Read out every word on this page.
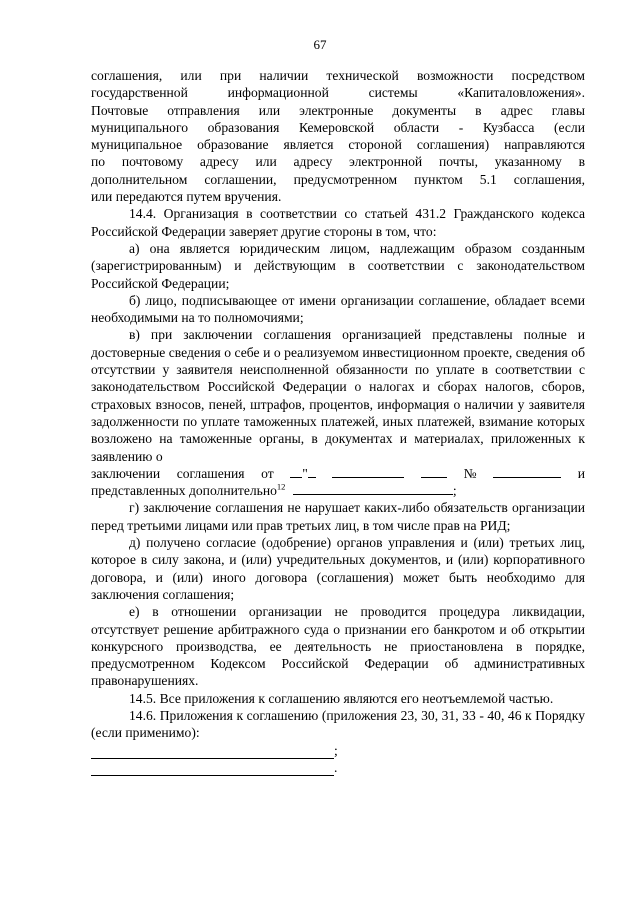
67

соглашения, или при наличии технической возможности посредством

государственной информационной системы «Капиталовложения».

Почтовые отправления или электронные документы в адрес главы

муниципального образования Кемеровской области - Кузбасса (если

муниципальное образование является стороной соглашения) направляются

по почтовому адресу или адресу электронной почты, указанному в

дополнительном соглашении, предусмотренном пунктом 5.1 соглашения,

или передаются путем вручения.

14.4. Организация в соответствии со статьей 431.2 Гражданского кодекса Российской Федерации заверяет другие стороны в том, что:

а) она является юридическим лицом, надлежащим образом созданным (зарегистрированным) и действующим в соответствии с законодательством Российской Федерации;

б) лицо, подписывающее от имени организации соглашение, обладает всеми необходимыми на то полномочиями;

в) при заключении соглашения организацией представлены полные и достоверные сведения о себе и о реализуемом инвестиционном проекте, сведения об отсутствии у заявителя неисполненной обязанности по уплате в соответствии с законодательством Российской Федерации о налогах и сборах налогов, сборов, страховых взносов, пеней, штрафов, процентов, информация о наличии у заявителя задолженности по уплате таможенных платежей, иных платежей, взимание которых возложено на таможенные органы, в документах и материалах, приложенных к заявлению о

заключении соглашения от	"	№	и
представленных дополнительно$^{12}$	;

г) заключение соглашения не нарушает каких-либо обязательств организации перед третьими лицами или прав третьих лиц, в том числе прав на РИД;

д) получено согласие (одобрение) органов управления и (или) третьих лиц, которое в силу закона, и (или) учредительных документов, и (или) корпоративного договора, и (или) иного договора (соглашения) может быть необходимо для заключения соглашения;

е) в отношении организации не проводится процедура ликвидации, отсутствует решение арбитражного суда о признании его банкротом и об открытии конкурсного производства, ее деятельность не приостановлена в порядке, предусмотренном Кодексом Российской Федерации об административных правонарушениях.

14.5. Все приложения к соглашению являются его неотъемлемой частью.

14.6. Приложения к соглашению (приложения 23, 30, 31, 33 - 40, 46 к Порядку (если применимо):

;
.
